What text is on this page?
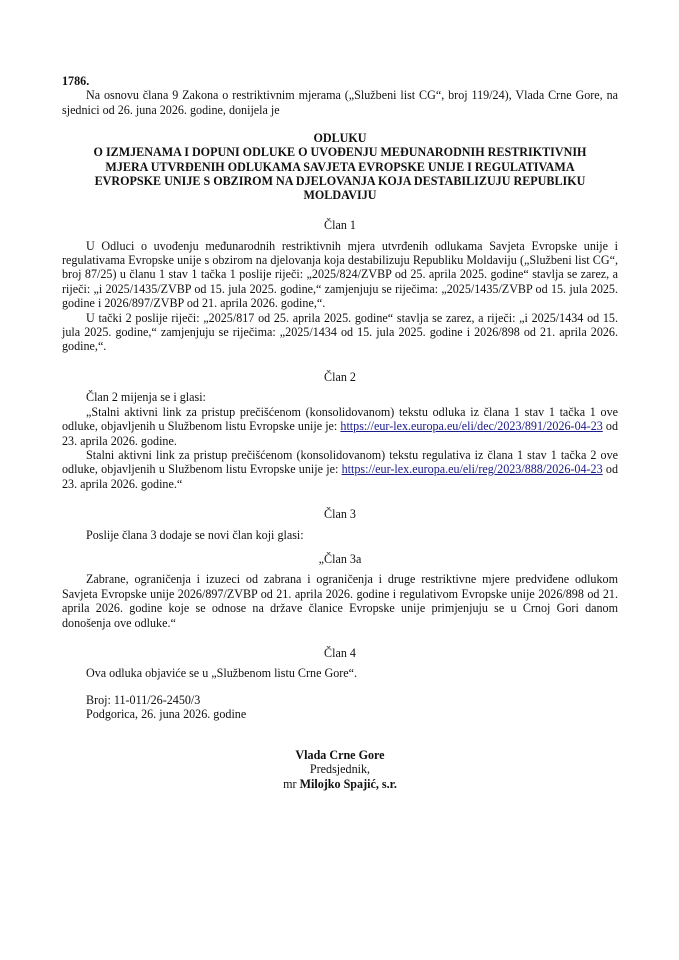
1786.
Na osnovu člana 9 Zakona o restriktivnim mjerama („Službeni list CG“, broj 119/24), Vlada Crne Gore, na sjednici od 26. juna 2026. godine, donijela je
ODLUKU
O IZMJENAMA I DOPUNI ODLUKE O UVOĐENJU MEĐUNARODNIH RESTRIKTIVNIH MJERA UTVRĐENIH ODLUKAMA SAVJETA EVROPSKE UNIJE I REGULATIVAMA EVROPSKE UNIJE S OBZIROM NA DJELOVANJA KOJA DESTABILIZUJU REPUBLIKU MOLDAVIJU
Član 1
U Odluci o uvođenju međunarodnih restriktivnih mjera utvrđenih odlukama Savjeta Evropske unije i regulativama Evropske unije s obzirom na djelovanja koja destabilizuju Republiku Moldaviju („Službeni list CG“, broj 87/25) u članu 1 stav 1 tačka 1 poslije riječi: „2025/824/ZVBP od 25. aprila 2025. godine“ stavlja se zarez, a riječi: „i 2025/1435/ZVBP od 15. jula 2025. godine,“ zamjenjuju se riječima: „2025/1435/ZVBP od 15. jula 2025. godine i 2026/897/ZVBP od 21. aprila 2026. godine,“.
U tački 2 poslije riječi: „2025/817 od 25. aprila 2025. godine“ stavlja se zarez, a riječi: „i 2025/1434 od 15. jula 2025. godine,“ zamjenjuju se riječima: „2025/1434 od 15. jula 2025. godine i 2026/898 od 21. aprila 2026. godine,“.
Član 2
Član 2 mijenja se i glasi:
„Stalni aktivni link za pristup prečišćenom (konsolidovanom) tekstu odluka iz člana 1 stav 1 tačka 1 ove odluke, objavljenih u Službenom listu Evropske unije je: https://eur-lex.europa.eu/eli/dec/2023/891/2026-04-23 od 23. aprila 2026. godine.
Stalni aktivni link za pristup prečišćenom (konsolidovanom) tekstu regulativa iz člana 1 stav 1 tačka 2 ove odluke, objavljenih u Službenom listu Evropske unije je: https://eur-lex.europa.eu/eli/reg/2023/888/2026-04-23 od 23. aprila 2026. godine.“
Član 3
Poslije člana 3 dodaje se novi član koji glasi:
„Član 3a
Zabrane, ograničenja i izuzeci od zabrana i ograničenja i druge restriktivne mjere predviđene odlukom Savjeta Evropske unije 2026/897/ZVBP od 21. aprila 2026. godine i regulativom Evropske unije 2026/898 od 21. aprila 2026. godine koje se odnose na države članice Evropske unije primjenjuju se u Crnoj Gori danom donošenja ove odluke.“
Član 4
Ova odluka objaviće se u „Službenom listu Crne Gore“.
Broj: 11-011/26-2450/3
Podgorica, 26. juna 2026. godine
Vlada Crne Gore
Predsjednik,
mr Milojko Spajić, s.r.
